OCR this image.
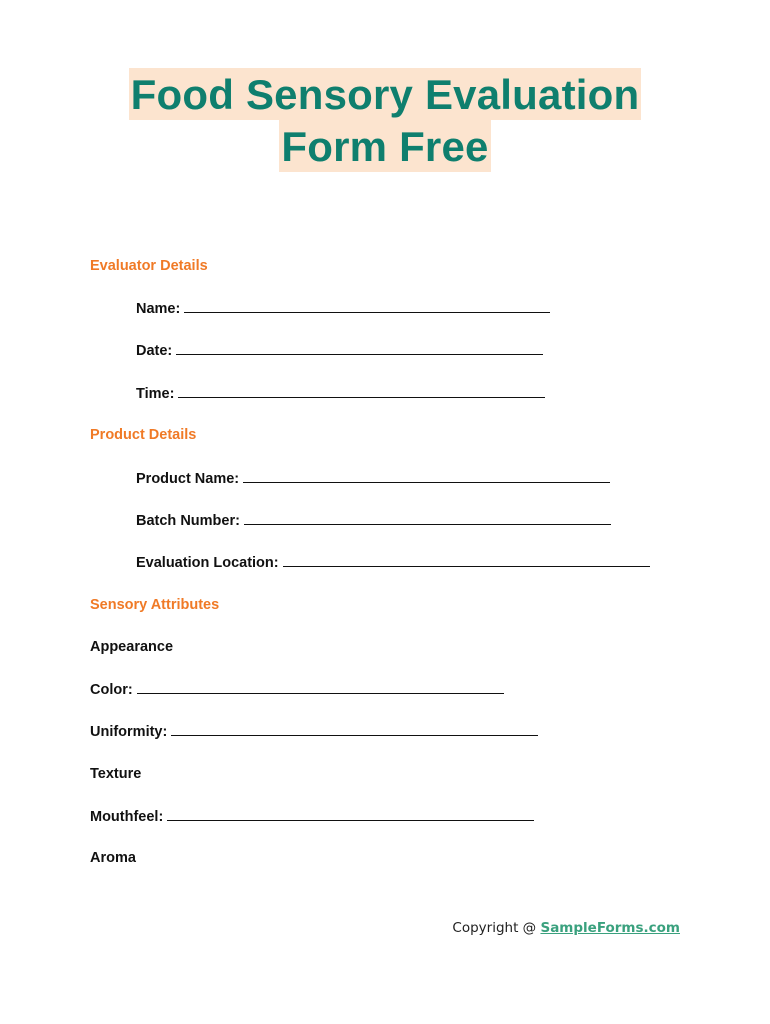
Food Sensory Evaluation
Form Free
Evaluator Details
Name:
Date:
Time:
Product Details
Product Name:
Batch Number:
Evaluation Location:
Sensory Attributes
Appearance
Color:
Uniformity:
Texture
Mouthfeel:
Aroma
Copyright @ SampleForms.com
